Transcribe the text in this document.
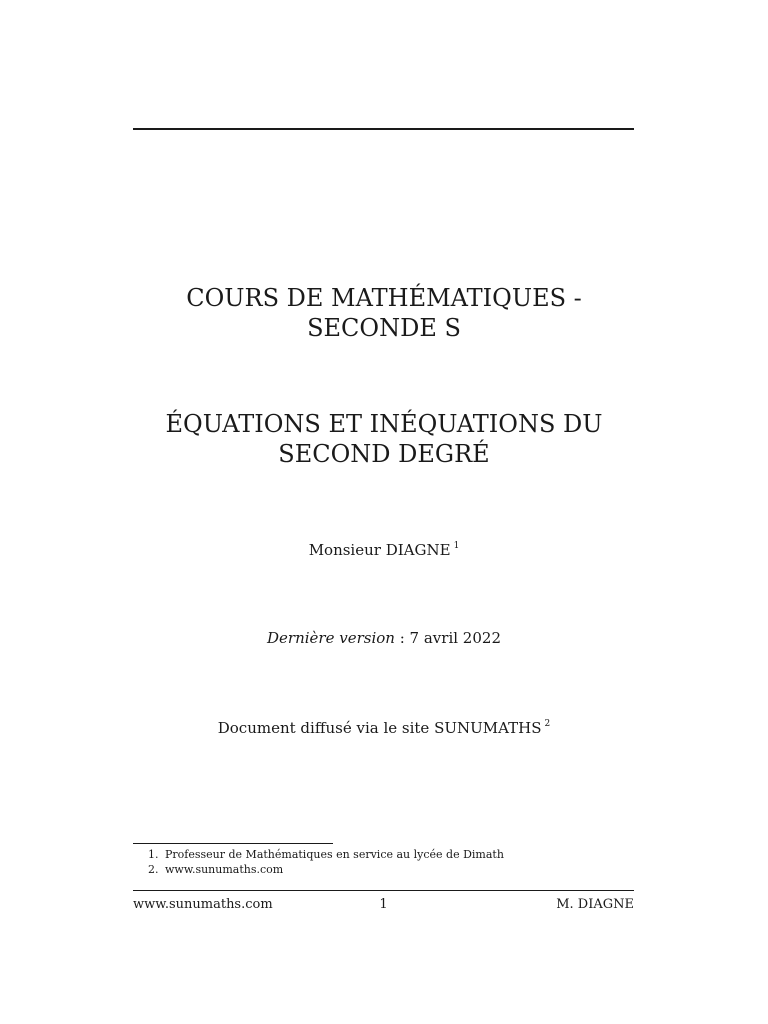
COURS DE MATHÉMATIQUES -
SECONDE S
ÉQUATIONS ET INÉQUATIONS DU
SECOND DEGRÉ
Monsieur DIAGNE $^1$
Dernière version : 7 avril 2022
Document diffusé via le site SUNUMATHS $^2$
1. Professeur de Mathématiques en service au lycée de Dimath
2. www.sunumaths.com
www.sunumaths.com	1	M. DIAGNE
